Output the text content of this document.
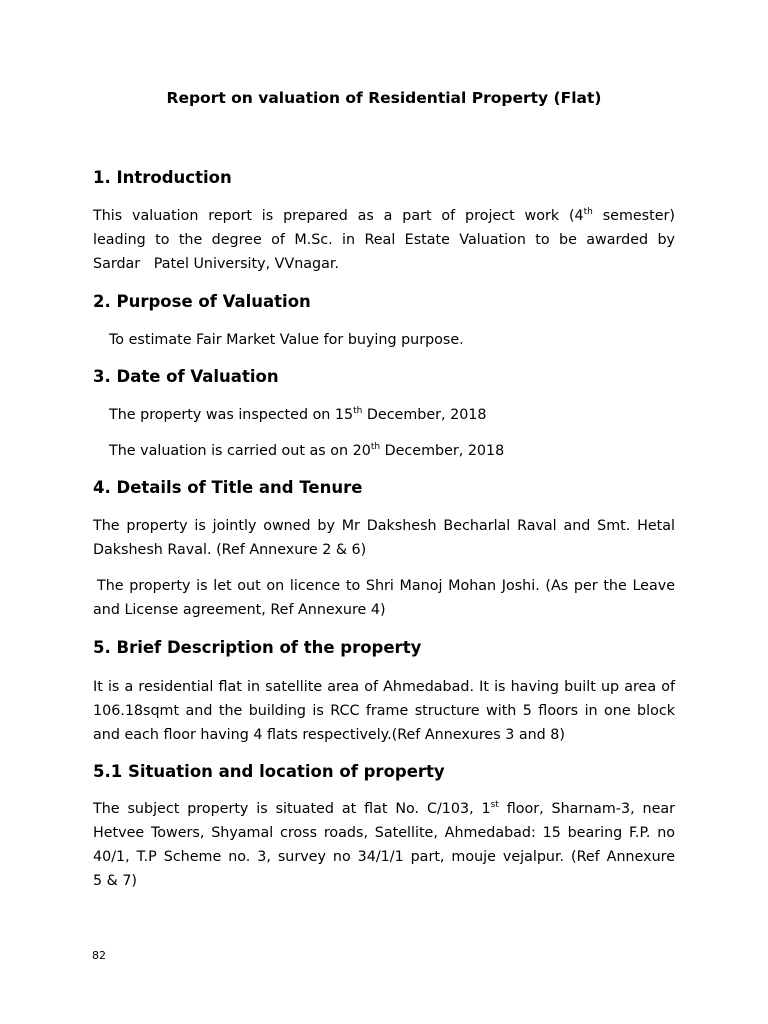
Report on valuation of Residential Property (Flat)
1. Introduction
This valuation report is prepared as a part of project work (4th semester)
leading to the degree of M.Sc. in Real Estate Valuation to be awarded by
Sardar   Patel University, VVnagar.
2. Purpose of Valuation
To estimate Fair Market Value for buying purpose.
3. Date of Valuation
The property was inspected on 15th December, 2018
The valuation is carried out as on 20th December, 2018
4. Details of Title and Tenure
The property is jointly owned by Mr Dakshesh Becharlal Raval and Smt. Hetal
Dakshesh Raval. (Ref Annexure 2 & 6)
The property is let out on licence to Shri Manoj Mohan Joshi. (As per the Leave
and License agreement, Ref Annexure 4)
5. Brief Description of the property
It is a residential flat in satellite area of Ahmedabad. It is having built up area of
106.18sqmt and the building is RCC frame structure with 5 floors in one block
and each floor having 4 flats respectively.(Ref Annexures 3 and 8)
5.1 Situation and location of property
The subject property is situated at flat No. C/103, 1st floor, Sharnam-3, near
Hetvee Towers, Shyamal cross roads, Satellite, Ahmedabad: 15 bearing F.P. no
40/1, T.P Scheme no. 3, survey no 34/1/1 part, mouje vejalpur. (Ref Annexure
5 & 7)
82
